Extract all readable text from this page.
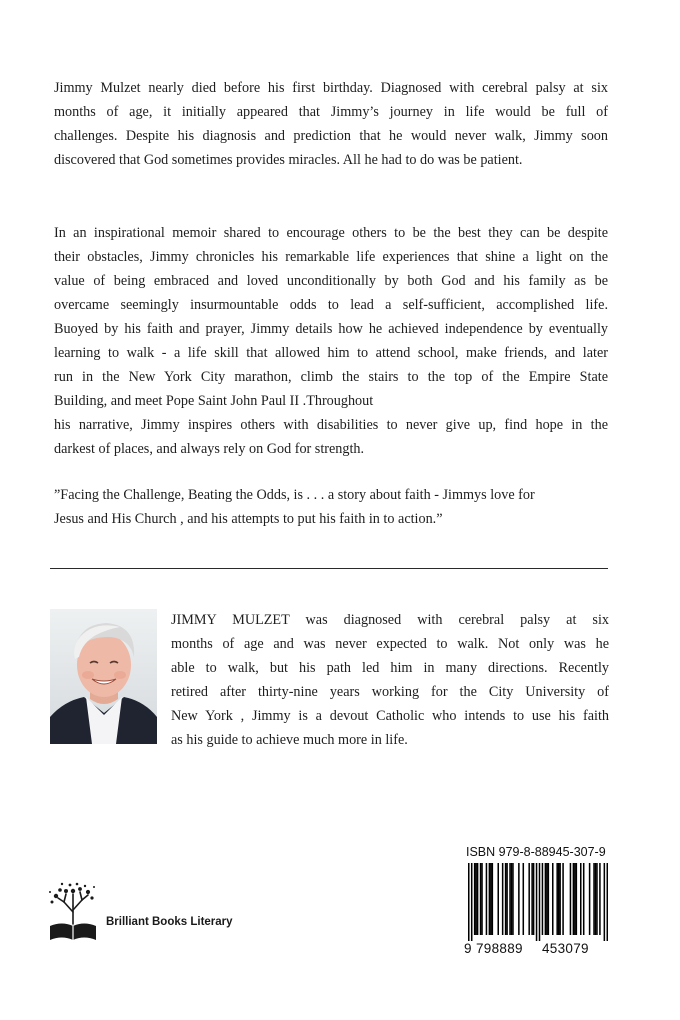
Jimmy Mulzet nearly died before his first birthday. Diagnosed with cerebral palsy at six
months of age, it initially appeared that Jimmy’s journey in life would be full of
challenges. Despite his diagnosis and prediction that he would never walk, Jimmy soon
discovered that God sometimes provides miracles. All he had to do was be patient.
In an inspirational memoir shared to encourage others to be the best they can be despite
their obstacles, Jimmy chronicles his remarkable life experiences that shine a light on the
value of being embraced and loved unconditionally by both God and his family as be
overcame seemingly insurmountable odds to lead a self-sufficient, accomplished life.
Buoyed by his faith and prayer, Jimmy details how he achieved independence by eventually
learning to walk - a life skill that allowed him to attend school, make friends, and later
run in the New York City marathon, climb the stairs to the top of the Empire State
Building, and meet Pope Saint John Paul II .Throughout
his narrative, Jimmy inspires others with disabilities to never give up, find hope in the
darkest of places, and always rely on God for strength.
”Facing the Challenge, Beating the Odds, is . . . a story about faith - Jimmys love for
Jesus and His Church , and his attempts to put his faith in to action.”
JIMMY MULZET was diagnosed with cerebral palsy at six
months of age and was never expected to walk. Not only was he
able to walk, but his path led him in many directions. Recently
retired after thirty-nine years working for the City University of
New York , Jimmy is a devout Catholic who intends to use his faith
as his guide to achieve much more in life.
Brilliant Books Literary
ISBN 979-8-88945-307-9
9 798889 453079
